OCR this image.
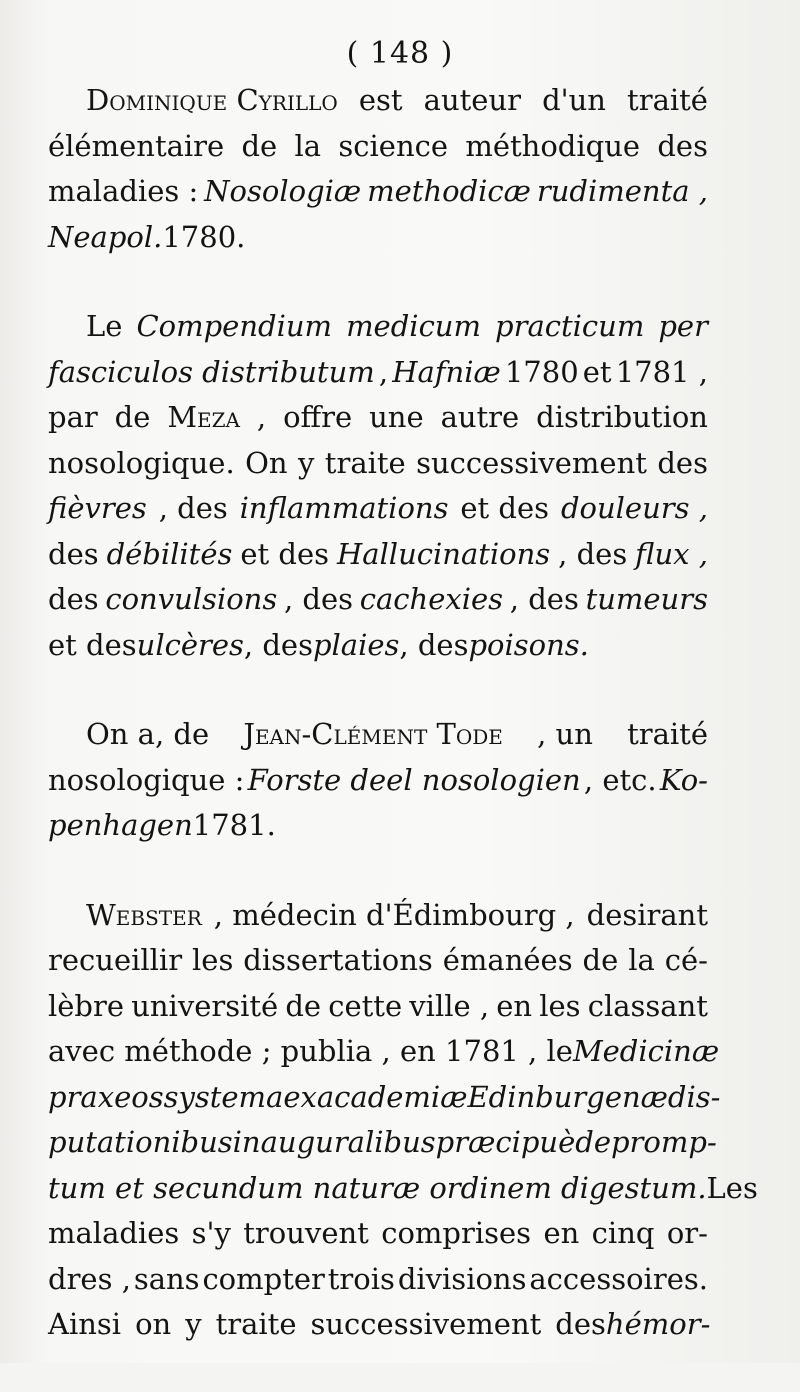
( 148 )
Dominique Cyrillo est auteur d'un traité
élémentaire de la science méthodique des
maladies : Nosologiæ methodicæ rudimenta ,
Neapol. 1780.
Le Compendium medicum practicum per
fasciculos distributum , Hafniæ 1780 et 1781 ,
par de Meza , offre une autre distribution
nosologique. On y traite successivement des
fièvres , des inflammations et des douleurs ,
des débilités et des Hallucinations , des flux ,
des convulsions , des cachexies , des tumeurs
et des ulcères , des plaies , des poisons.
On a, de Jean-Clément Tode , un traité
nosologique : Forste deel nosologien , etc. Ko-
penhagen 1781.
Webster , médecin d'Édimbourg , desirant
recueillir les dissertations émanées de la cé-
lèbre université de cette ville , en les classant
avec méthode ; publia , en 1781 , le Medicinæ
praxeos systema ex academiæ Edinburgenæ dis-
putationibus inauguralibus præcipuè depromp-
tum et secundum naturæ ordinem digestum. Les
maladies s'y trouvent comprises en cinq or-
dres , sans compter trois divisions accessoires.
Ainsi on y traite successivement des hémor-
